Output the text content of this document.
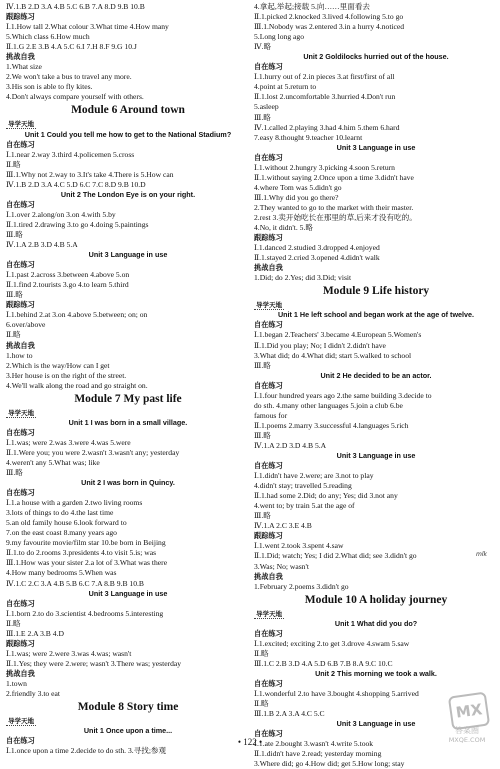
Ⅳ.1.B 2.D 3.A 4.B 5.C 6.B 7.A 8.D 9.B 10.B
跟踪练习
Ⅰ.1.How tall 2.What colour 3.What time 4.How many
5.Which class 6.How much
Ⅱ.1.G 2.E 3.B 4.A 5.C 6.I 7.H 8.F 9.G 10.J
挑战自我
1.What size
2.We won't take a bus to travel any more.
3.His son is able to fly kites.
4.Don't always compare yourself with others.
Module 6 Around town
导学天地
Unit 1 Could you tell me how to get to the National Stadium?
自在练习
Ⅰ.1.near 2.way 3.third 4.policemen 5.cross
Ⅱ.略
Ⅲ.1.Why not 2.way to 3.It's take 4.There is 5.How can
Ⅳ.1.B 2.D 3.A 4.C 5.D 6.C 7.C 8.D 9.B 10.D
Unit 2 The London Eye is on your right.
自在练习
Ⅰ.1.over 2.along/on 3.on 4.with 5.by
Ⅱ.1.tired 2.drawing 3.to go 4.doing 5.paintings
Ⅲ.略
Ⅳ.1.A 2.B 3.D 4.B 5.A
Unit 3 Language in use
自在练习
Ⅰ.1.past 2.across 3.between 4.above 5.on
Ⅱ.1.find 2.tourists 3.go 4.to learn 5.third
Ⅲ.略
跟踪练习
Ⅰ.1.behind 2.at 3.on 4.above 5.between; on; on
6.over/above
Ⅱ.略
挑战自我
1.how to
2.Which is the way/How can I get
3.Her house is on the right of the street.
4.We'll walk along the road and go straight on.
Module 7 My past life
导学天地
Unit 1 I was born in a small village.
自在练习
Ⅰ.1.was; were 2.was 3.were 4.was 5.were
Ⅱ.1.Were you; you were 2.wasn't 3.wasn't any; yesterday
4.weren't any 5.What was; like
Ⅲ.略
Unit 2 I was born in Quincy.
自在练习
Ⅰ.1.a house with a garden 2.two living rooms
3.lots of things to do 4.the last time
5.an old family house 6.look forward to
7.on the east coast 8.many years ago
9.my favourite movie/film star 10.be born in Beijing
Ⅱ.1.to do 2.rooms 3.presidents 4.to visit 5.is; was
Ⅲ.1.How was your sister 2.a lot of 3.What was there
4.How many bedrooms 5.When was
Ⅳ.1.C 2.C 3.A 4.B 5.B 6.C 7.A 8.B 9.B 10.B
Unit 3 Language in use
自在练习
Ⅰ.1.born 2.to do 3.scientist 4.bedrooms 5.interesting
Ⅱ.略
Ⅲ.1.E 2.A 3.B 4.D
跟踪练习
Ⅰ.1.was; were 2.were 3.was 4.was; wasn't
Ⅱ.1.Yes; they were 2.were; wasn't 3.There was; yesterday
挑战自我
1.town
2.friendly 3.to eat
Module 8 Story time
导学天地
Unit 1 Once upon a time...
自在练习
Ⅰ.1.once upon a time 2.decide to do sth. 3.寻找;参观
4.拿起,举起;接载 5.向……里面看去
Ⅱ.1.picked 2.knocked 3.lived 4.following 5.to go
Ⅲ.1.Nobody was 2.entered 3.in a hurry 4.noticed
5.Long long ago
Ⅳ.略
Unit 2 Goldilocks hurried out of the house.
自在练习
Ⅰ.1.hurry out of 2.in pieces 3.at first/first of all
4.point at 5.return to
Ⅱ.1.lost 2.uncomfortable 3.hurried 4.Don't run
5.asleep
Ⅲ.略
Ⅳ.1.called 2.playing 3.had 4.him 5.them 6.hard
7.easy 8.thought 9.teacher 10.learnt
Unit 3 Language in use
自在练习
Ⅰ.1.without 2.hungry 3.picking 4.soon 5.return
Ⅱ.1.without saying 2.Once upon a time 3.didn't have
4.where Tom was 5.didn't go
Ⅲ.1.Why did you go there?
2.They wanted to go to the market with their master.
2.rest 3.卖开始吃长在那里的草,后来才没有吃的。
4.No, it didn't. 5.略
跟踪练习
Ⅰ.1.danced 2.studied 3.dropped 4.enjoyed
Ⅱ.1.stayed 2.cried 3.opened 4.didn't walk
挑战自我
1.Did; do 2.Yes; did 3.Did; visit
Module 9 Life history
导学天地
Unit 1 He left school and began work at the age of twelve.
自在练习
Ⅰ.1.began 2.Teachers' 3.became 4.European 5.Women's
Ⅱ.1.Did you play; No; I didn't 2.didn't have
3.What did; do 4.What did; start 5.walked to school
Ⅲ.略
Unit 2 He decided to be an actor.
自在练习
Ⅰ.1.four hundred years ago 2.the same building 3.decide to
do sth. 4.many other languages 5.join a club 6.be
famous for
Ⅱ.1.poems 2.marry 3.successful 4.languages 5.rich
Ⅲ.略
Ⅳ.1.A 2.D 3.D 4.B 5.A
Unit 3 Language in use
自在练习
Ⅰ.1.didn't have 2.were; are 3.not to play
4.didn't stay; travelled 5.reading
Ⅱ.1.had some 2.Did; do any; Yes; did 3.not any
4.went to; by train 5.at the age of
Ⅲ.略
Ⅳ.1.A 2.C 3.E 4.B
跟踪练习
Ⅰ.1.went 2.took 3.spent 4.saw
Ⅱ.1.Did; watch; Yes; I did 2.What did; see 3.didn't go
3.Was; No; wasn't
挑战自我
1.February 2.poems 3.didn't go
Module 10 A holiday journey
导学天地
Unit 1 What did you do?
自在练习
Ⅰ.1.excited; exciting 2.to get 3.drove 4.swam 5.saw
Ⅱ.略
Ⅲ.1.C 2.B 3.D 4.A 5.D 6.B 7.B 8.A 9.C 10.C
Unit 2 This morning we took a walk.
自在练习
Ⅰ.1.wonderful 2.to have 3.bought 4.shopping 5.arrived
Ⅱ.略
Ⅲ.1.B 2.A 3.A 4.C 5.C
Unit 3 Language in use
自在练习
Ⅰ.1.ate 2.bought 3.wasn't 4.write 5.took
Ⅱ.1.didn't have 2.read; yesterday morning
3.Where did; go 4.How did; get 5.How long; stay
• 122 •
MX
答案圈
MXQE.COM
mlk
